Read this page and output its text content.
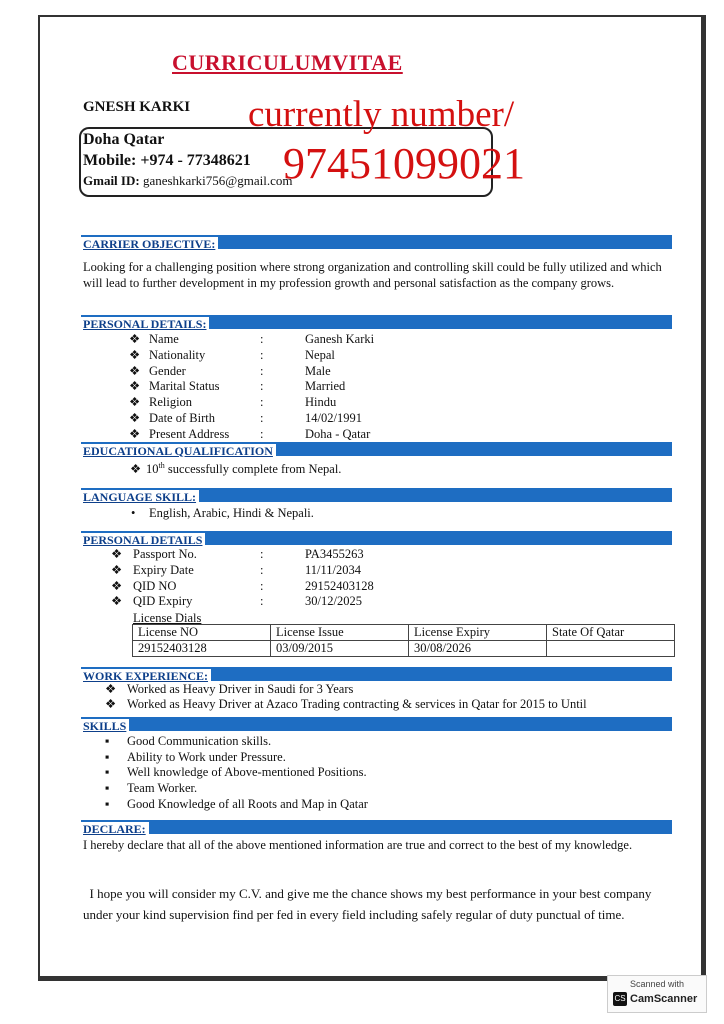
CURRICULUMVITAE
GNESH KARKI
Doha Qatar
Mobile: +974 - 77348621
Gmail ID: ganeshkarki756@gmail.com
currently number/
97451099021
CARRIER OBJECTIVE:
Looking for a challenging position where strong organization and controlling skill could be fully utilized and which will lead to further development in my profession growth and personal satisfaction as the company grows.
PERSONAL DETAILS:
❖ Name	:	Ganesh Karki
❖ Nationality	:	Nepal
❖ Gender	:	Male
❖ Marital Status	:	Married
❖ Religion	:	Hindu
❖ Date of Birth	:	14/02/1991
❖ Present Address :	Doha - Qatar
EDUCATIONAL QUALIFICATION
❖ 10th successfully complete from Nepal.
LANGUAGE SKILL:
• English, Arabic, Hindi & Nepali.
PERSONAL DETAILS
❖ Passport No.	:	PA3455263
❖ Expiry Date	:	11/11/2034
❖ QID NO	:	29152403128
❖ QID Expiry	:	30/12/2025
License Dials
License NO	License Issue	License Expiry	State Of Qatar
29152403128	03/09/2015	30/08/2026	
WORK EXPERIENCE:
❖ Worked as Heavy Driver in Saudi for 3 Years
❖ Worked as Heavy Driver at Azaco Trading contracting & services in Qatar for 2015 to Until
SKILLS
▪ Good Communication skills.
▪ Ability to Work under Pressure.
▪ Well knowledge of Above-mentioned Positions.
▪ Team Worker.
▪ Good Knowledge of all Roots and Map in Qatar
DECLARE:
I hereby declare that all of the above mentioned information are true and correct to the best of my knowledge.
I hope you will consider my C.V. and give me the chance shows my best performance in your best company under your kind supervision find per fed in every field including safely regular of duty punctual of time.
Scanned with
CS CamScanner
